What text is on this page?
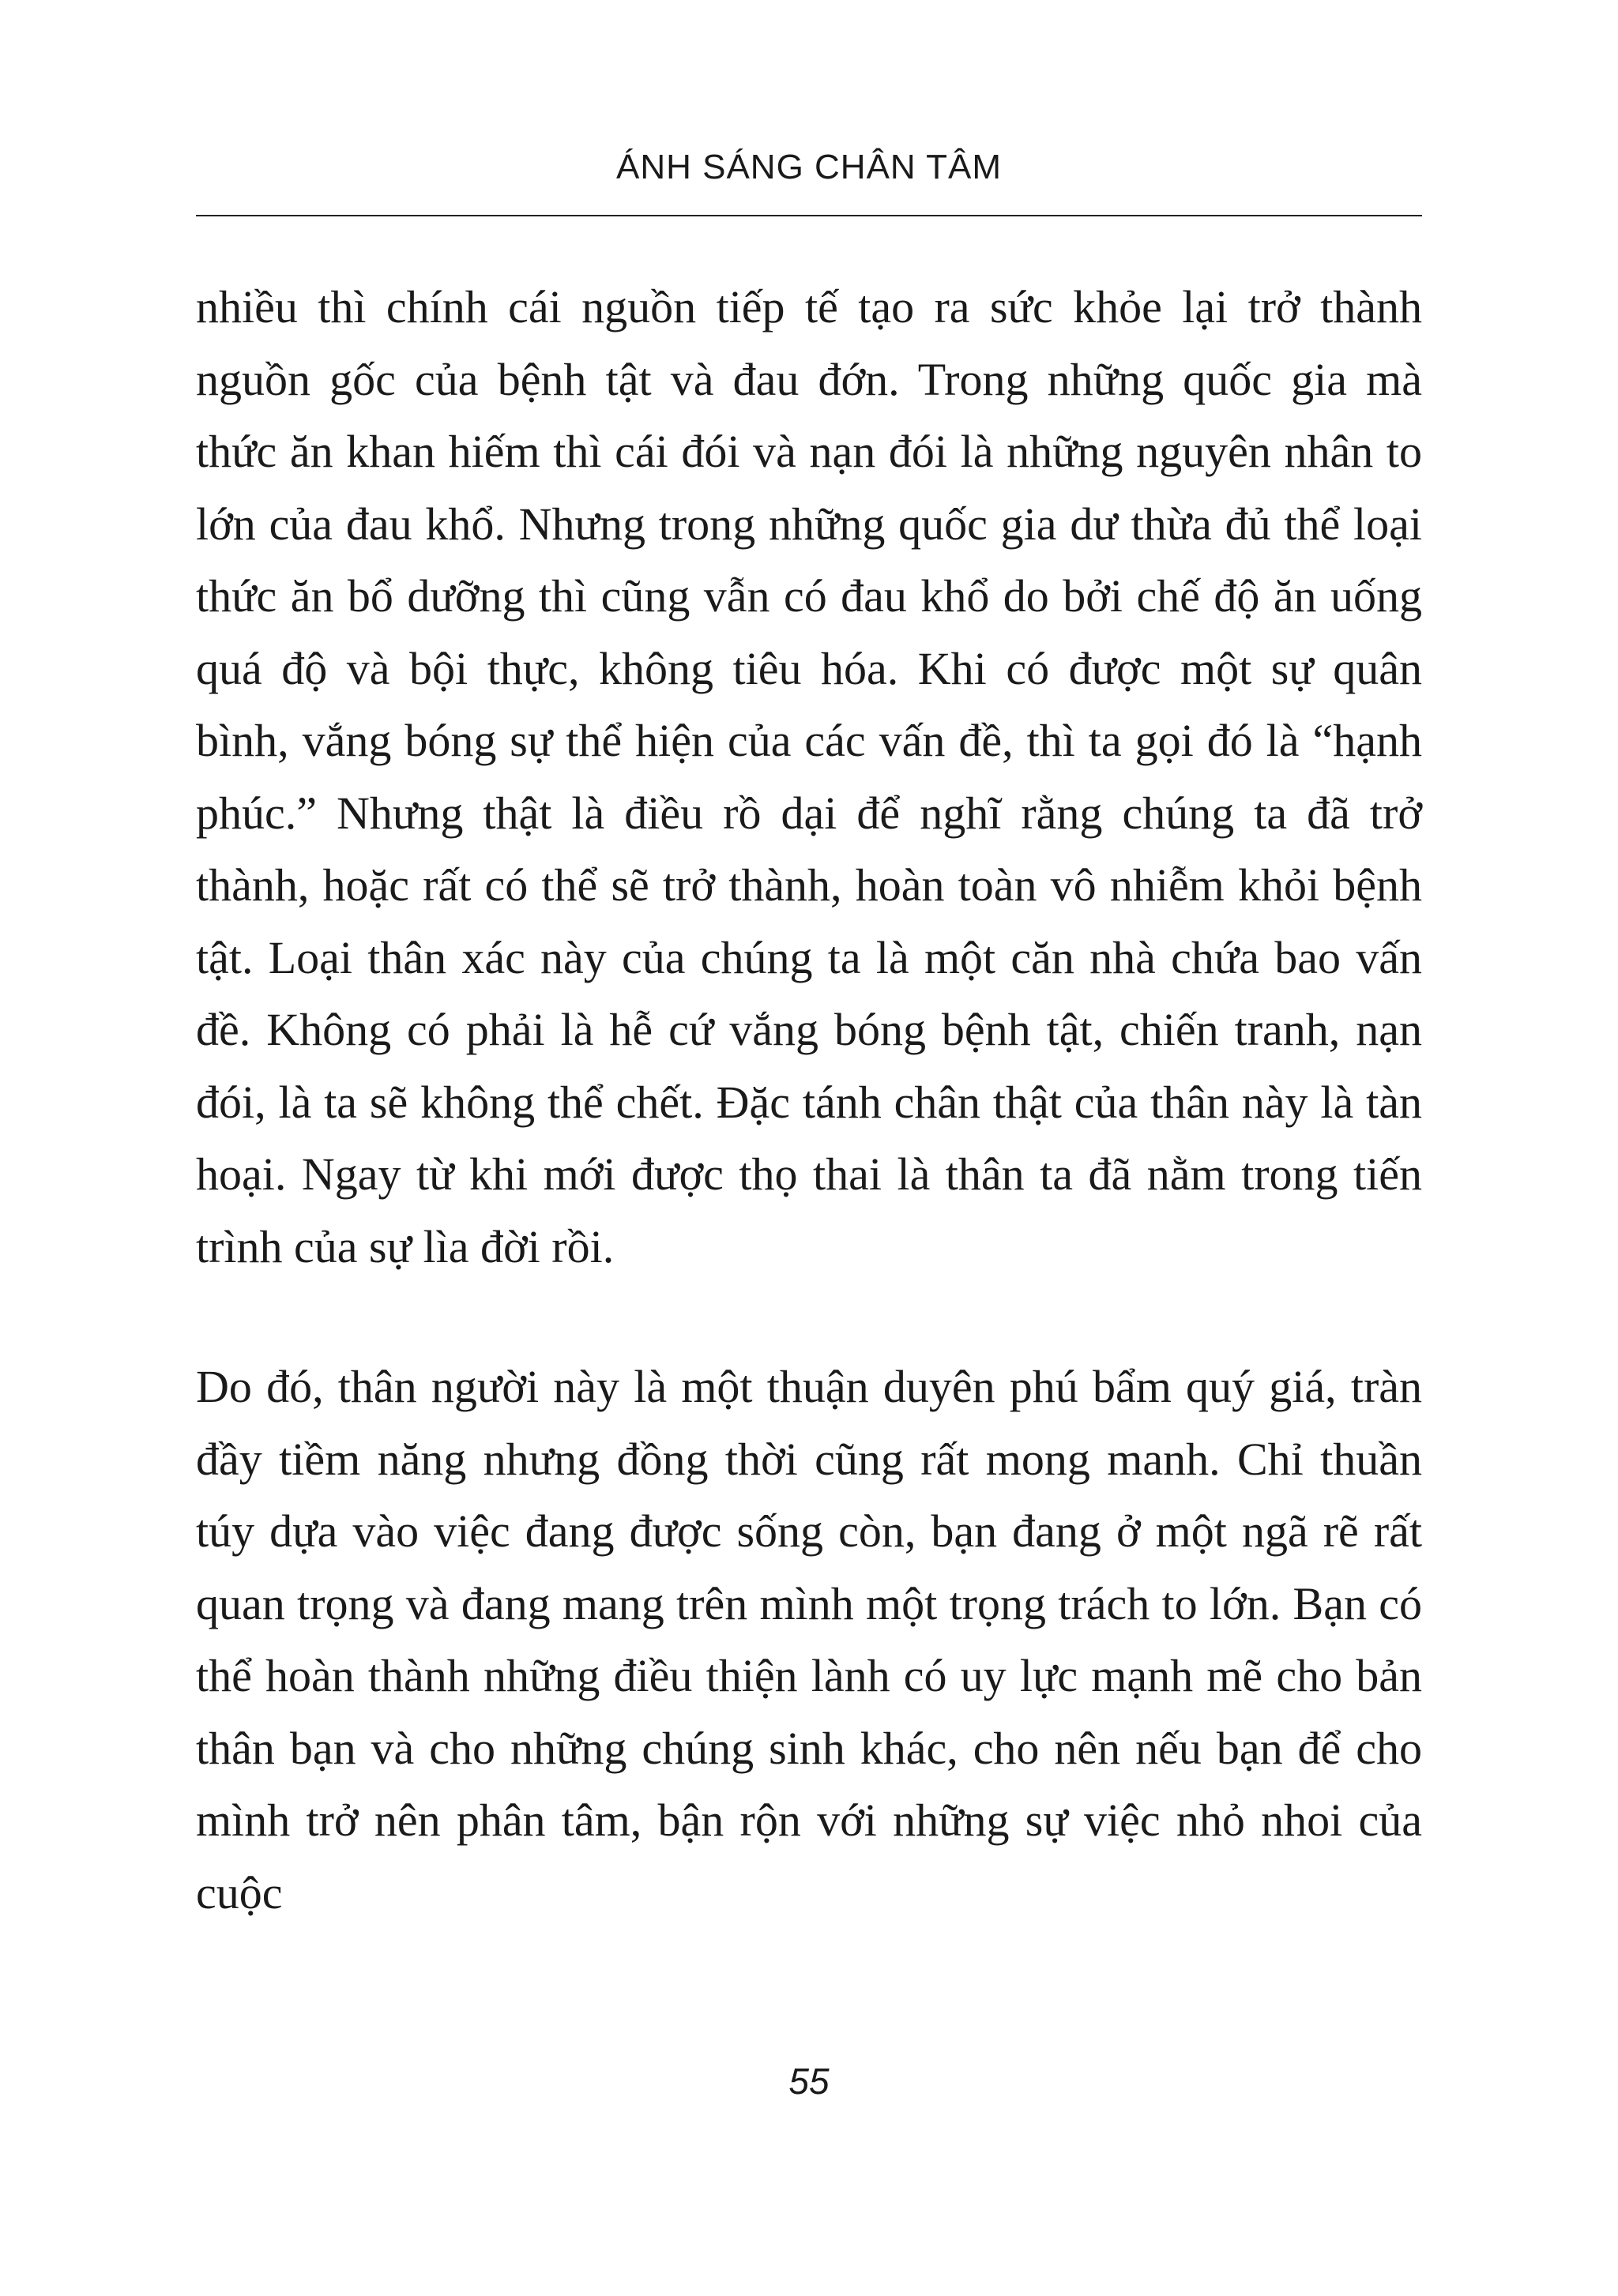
ÁNH SÁNG CHÂN TÂM

nhiều thì chính cái nguồn tiếp tế tạo ra sức khỏe lại trở thành nguồn gốc của bệnh tật và đau đớn. Trong những quốc gia mà thức ăn khan hiếm thì cái đói và nạn đói là những nguyên nhân to lớn của đau khổ. Nhưng trong những quốc gia dư thừa đủ thể loại thức ăn bổ dưỡng thì cũng vẫn có đau khổ do bởi chế độ ăn uống quá độ và bội thực, không tiêu hóa. Khi có được một sự quân bình, vắng bóng sự thể hiện của các vấn đề, thì ta gọi đó là “hạnh phúc.” Nhưng thật là điều rồ dại để nghĩ rằng chúng ta đã trở thành, hoặc rất có thể sẽ trở thành, hoàn toàn vô nhiễm khỏi bệnh tật. Loại thân xác này của chúng ta là một căn nhà chứa bao vấn đề. Không có phải là hễ cứ vắng bóng bệnh tật, chiến tranh, nạn đói, là ta sẽ không thể chết. Đặc tánh chân thật của thân này là tàn hoại. Ngay từ khi mới được thọ thai là thân ta đã nằm trong tiến trình của sự lìa đời rồi.

Do đó, thân người này là một thuận duyên phú bẩm quý giá, tràn đầy tiềm năng nhưng đồng thời cũng rất mong manh. Chỉ thuần túy dựa vào việc đang được sống còn, bạn đang ở một ngã rẽ rất quan trọng và đang mang trên mình một trọng trách to lớn. Bạn có thể hoàn thành những điều thiện lành có uy lực mạnh mẽ cho bản thân bạn và cho những chúng sinh khác, cho nên nếu bạn để cho mình trở nên phân tâm, bận rộn với những sự việc nhỏ nhoi của cuộc

55
